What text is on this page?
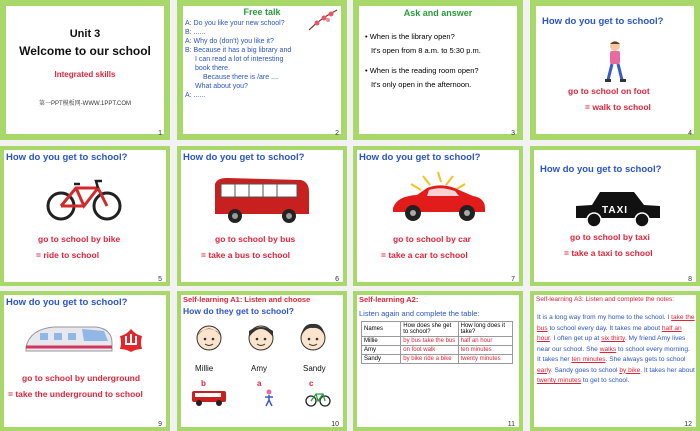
Unit 3
Welcome to our school
Integrated skills
第一PPT模板网-WWW.1PPT.COM
1
Free talk
A: Do you like your new school?
B: ......
A: Why do (don't) you like it?
B: Because it has a big library and
I can read a lot of interesting
book there.
Because there is /are ....
What about you?
A: ......
2
Ask and answer
• When is the library open?
It's open from 8 a.m. to 5:30 p.m.
• When is the reading room open?
It's only open in the afternoon.
3
How do you get to school?
go to school on foot
= walk to school
4
How do you get to school?
go to school by bike
= ride to school
5
How do you get to school?
go to school by bus
= take a bus to school
6
How do you get to school?
go to school by car
= take a car to school
7
How do you get to school?
TAXI
go to school by taxi
= take a taxi to school
8
How do you get to school?
go to school by underground
= take the underground to school
9
Self-learning A1: Listen and choose
How do they get to school?
Millie	Amy	Sandy
b	a	c
10
Self-learning A2:
Listen again and complete the table:
Names	How does she get to school?	How long does it take?
Millie	by bus take the bus	half an hour
Amy	on foot walk	ten minutes
Sandy	by bike ride a bike	twenty minutes
11
Self-learning A3: Listen and complete the notes:
It is a long way from my home to the school. I take the bus to school every day. It takes me about half an hour. I often get up at six thirty. My friend Amy lives near our school. She walks to school every morning. It takes her ten minutes. She always gets to school early. Sandy goes to school by bike. It takes her about twenty minutes to get to school.
12
